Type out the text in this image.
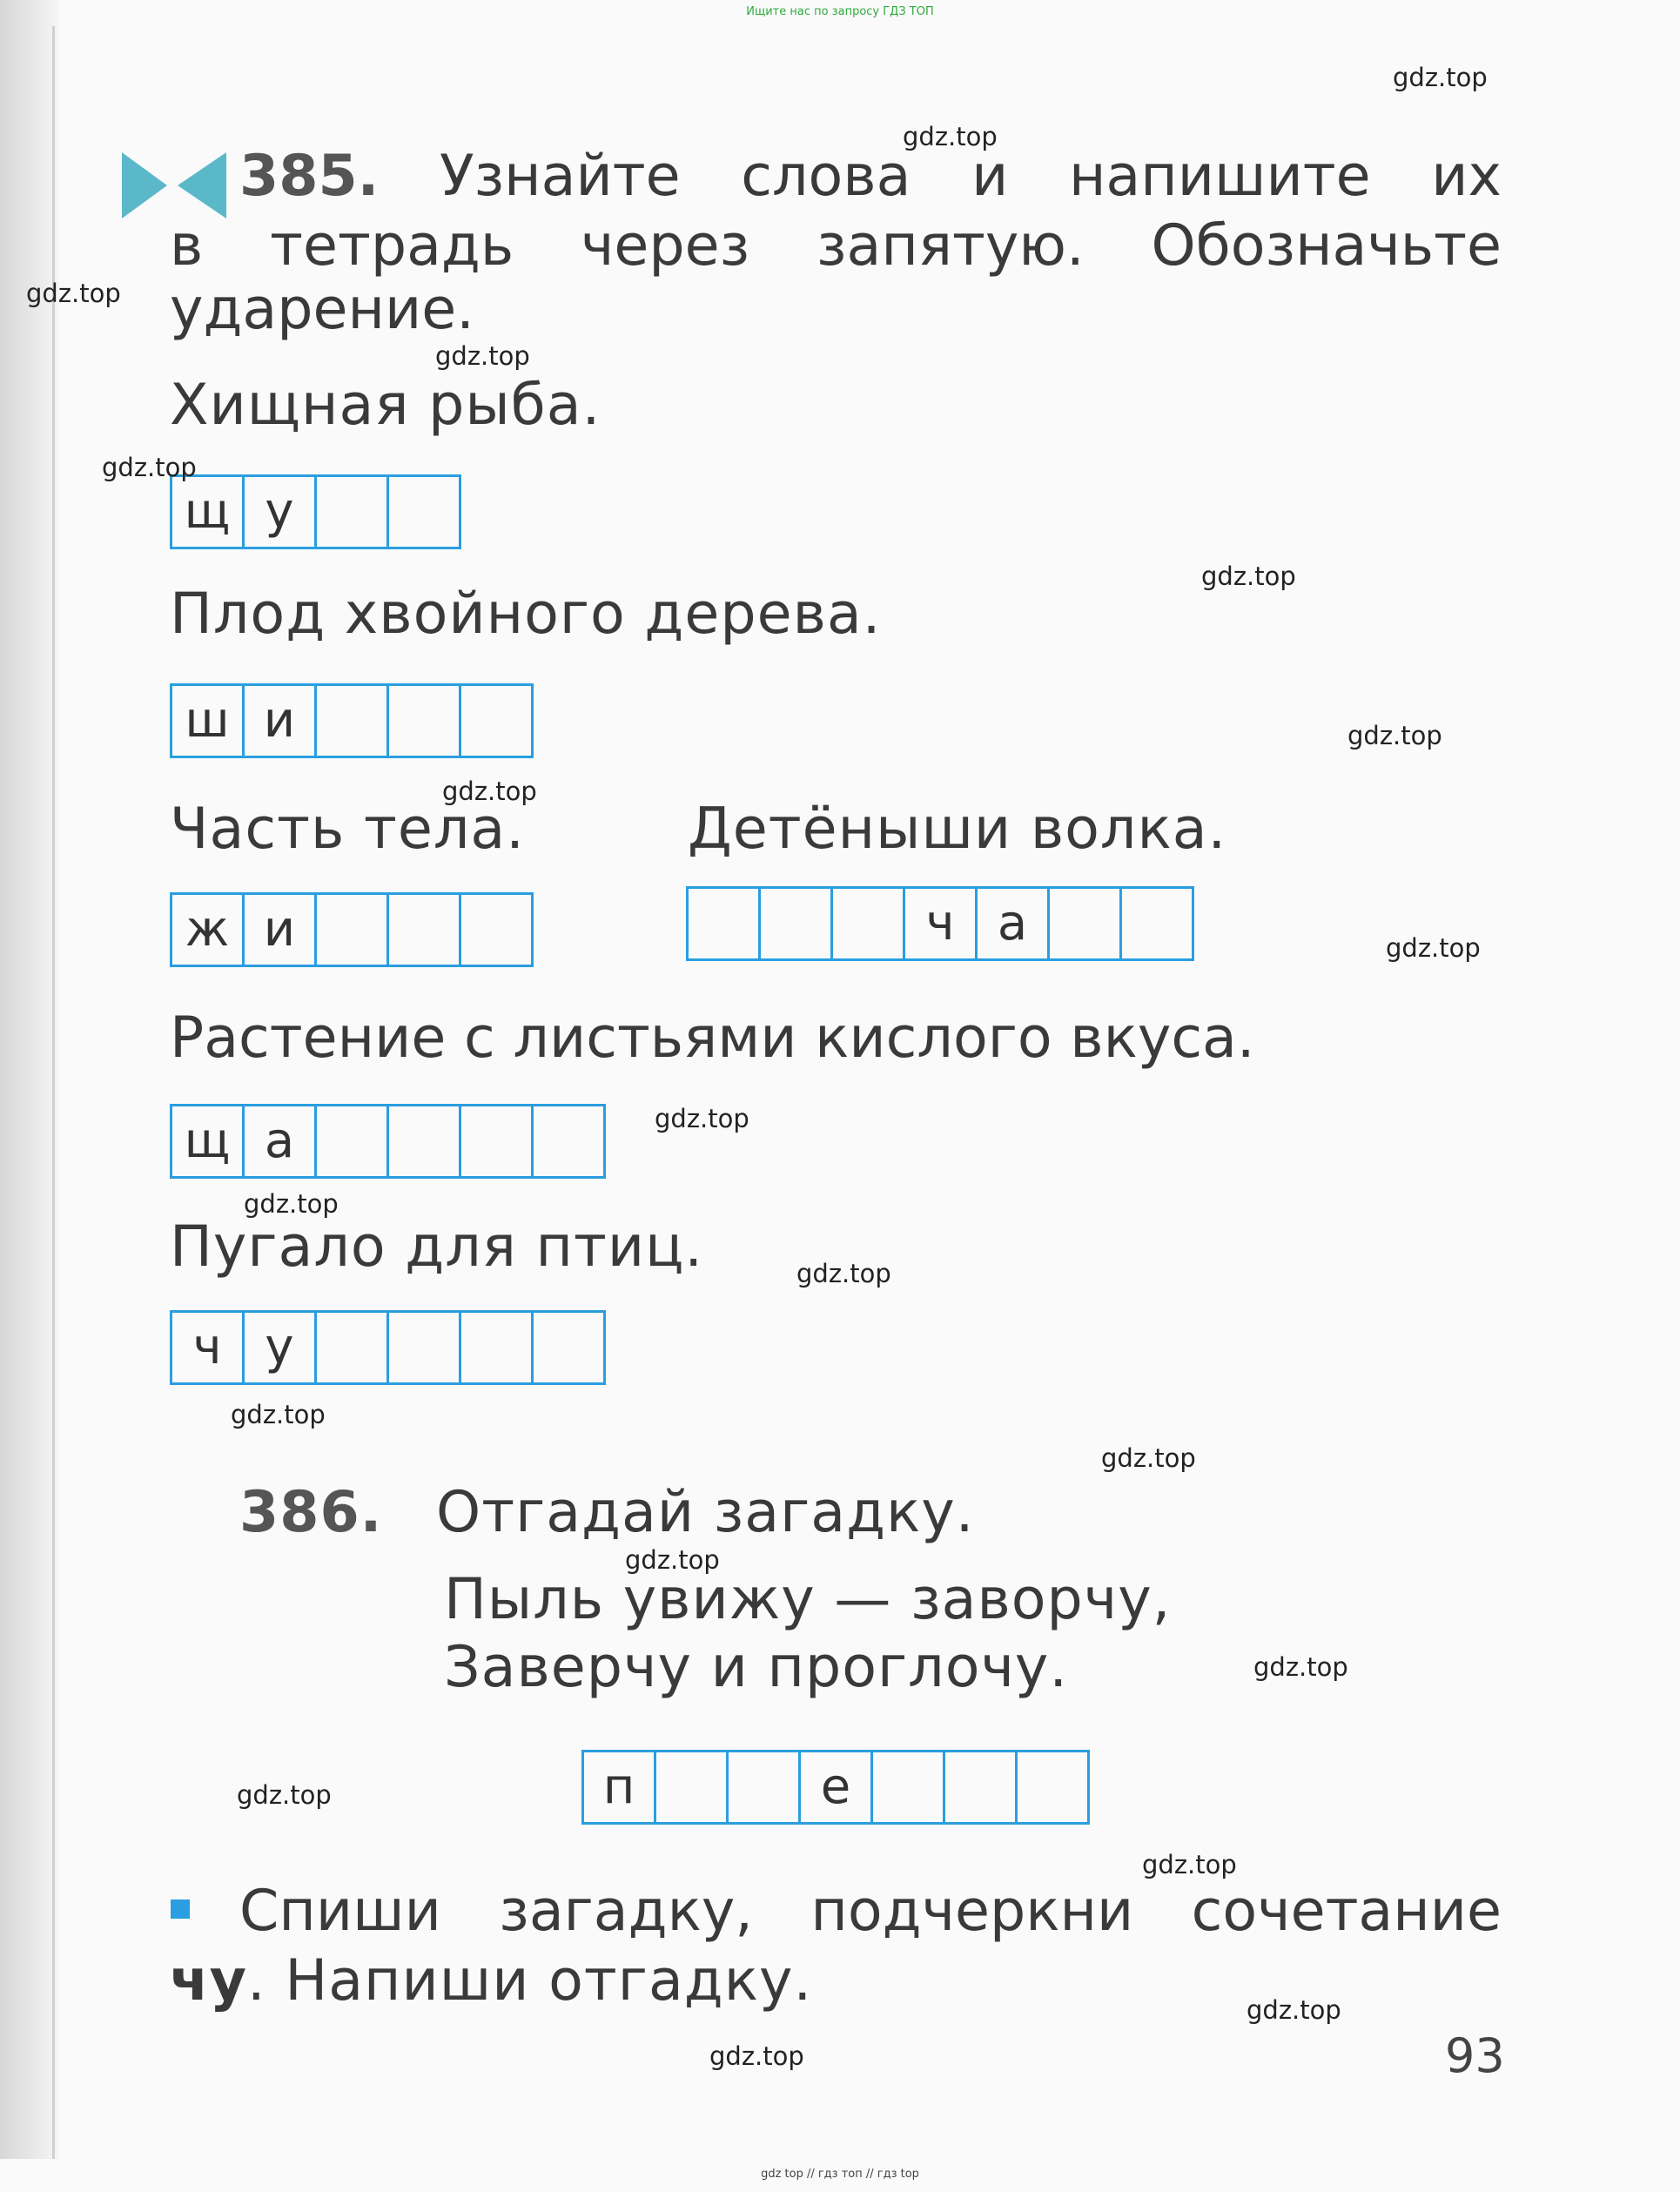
Ищите нас по запросу ГДЗ ТОП
385. Узнайте слова и напишите их
в тетрадь через запятую. Обозначьте
ударение.
Хищная рыба.
щ у
Плод хвойного дерева.
ш и
Часть тела.	Детёныши волка.
ж и	ч а
Растение с листьями кислого вкуса.
щ а
Пугало для птиц.
ч у
386. Отгадай загадку.
Пыль увижу — заворчу,
Заверчу и проглочу.
п	е
Спиши загадку, подчеркни сочетание
чу. Напиши отгадку.
93
gdz.top
gdz.top
gdz.top
gdz.top
gdz.top
gdz.top
gdz.top
gdz.top
gdz.top
gdz.top
gdz.top
gdz.top
gdz.top
gdz.top
gdz.top
gdz.top
gdz.top
gdz.top
gdz.top
gdz.top
gdz top // гдз топ // гдз top
